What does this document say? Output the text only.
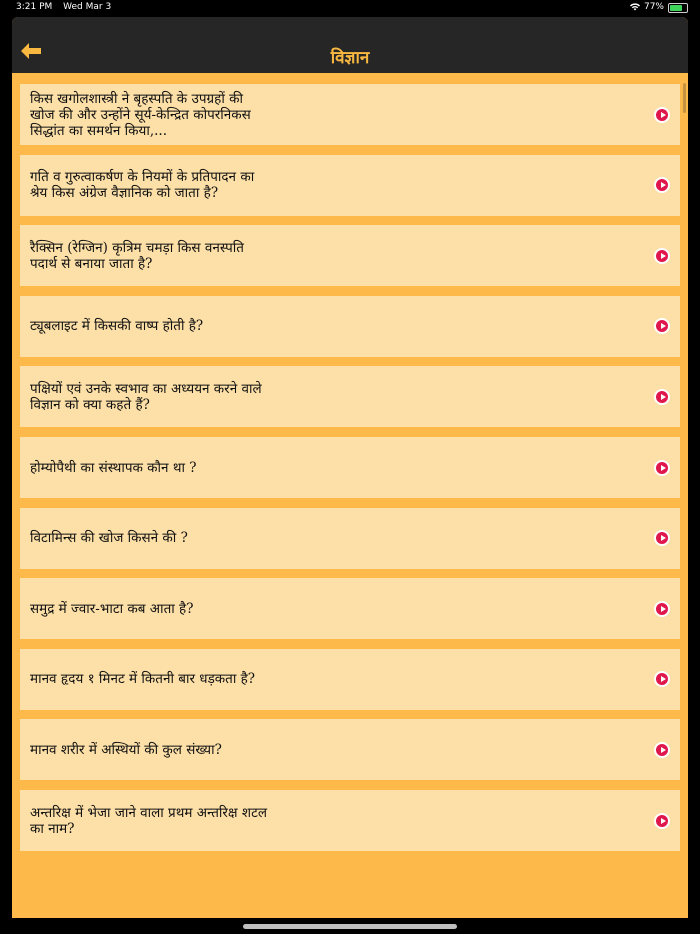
3:21 PM Wed Mar 3	77%
विज्ञान
किस खगोलशास्त्री ने बृहस्पति के उपग्रहों की खोज की और उन्होंने सूर्य-केन्द्रित कोपरनिकस सिद्धांत का समर्थन किया,...
गति व गुरुत्वाकर्षण के नियमों के प्रतिपादन का श्रेय किस अंग्रेज वैज्ञानिक को जाता है?
रैक्सिन (रेग्जिन) कृत्रिम चमड़ा किस वनस्पति पदार्थ से बनाया जाता है?
ट्यूबलाइट में किसकी वाष्प होती है?
पक्षियों एवं उनके स्वभाव का अध्ययन करने वाले विज्ञान को क्या कहते हैं?
होम्योपैथी का संस्थापक कौन था ?
विटामिन्स की खोज किसने की ?
समुद्र में ज्वार-भाटा कब आता है?
मानव हृदय १ मिनट में कितनी बार धड़कता है?
मानव शरीर में अस्थियों की कुल संख्या?
अन्तरिक्ष में भेजा जाने वाला प्रथम अन्तरिक्ष शटल का नाम?
